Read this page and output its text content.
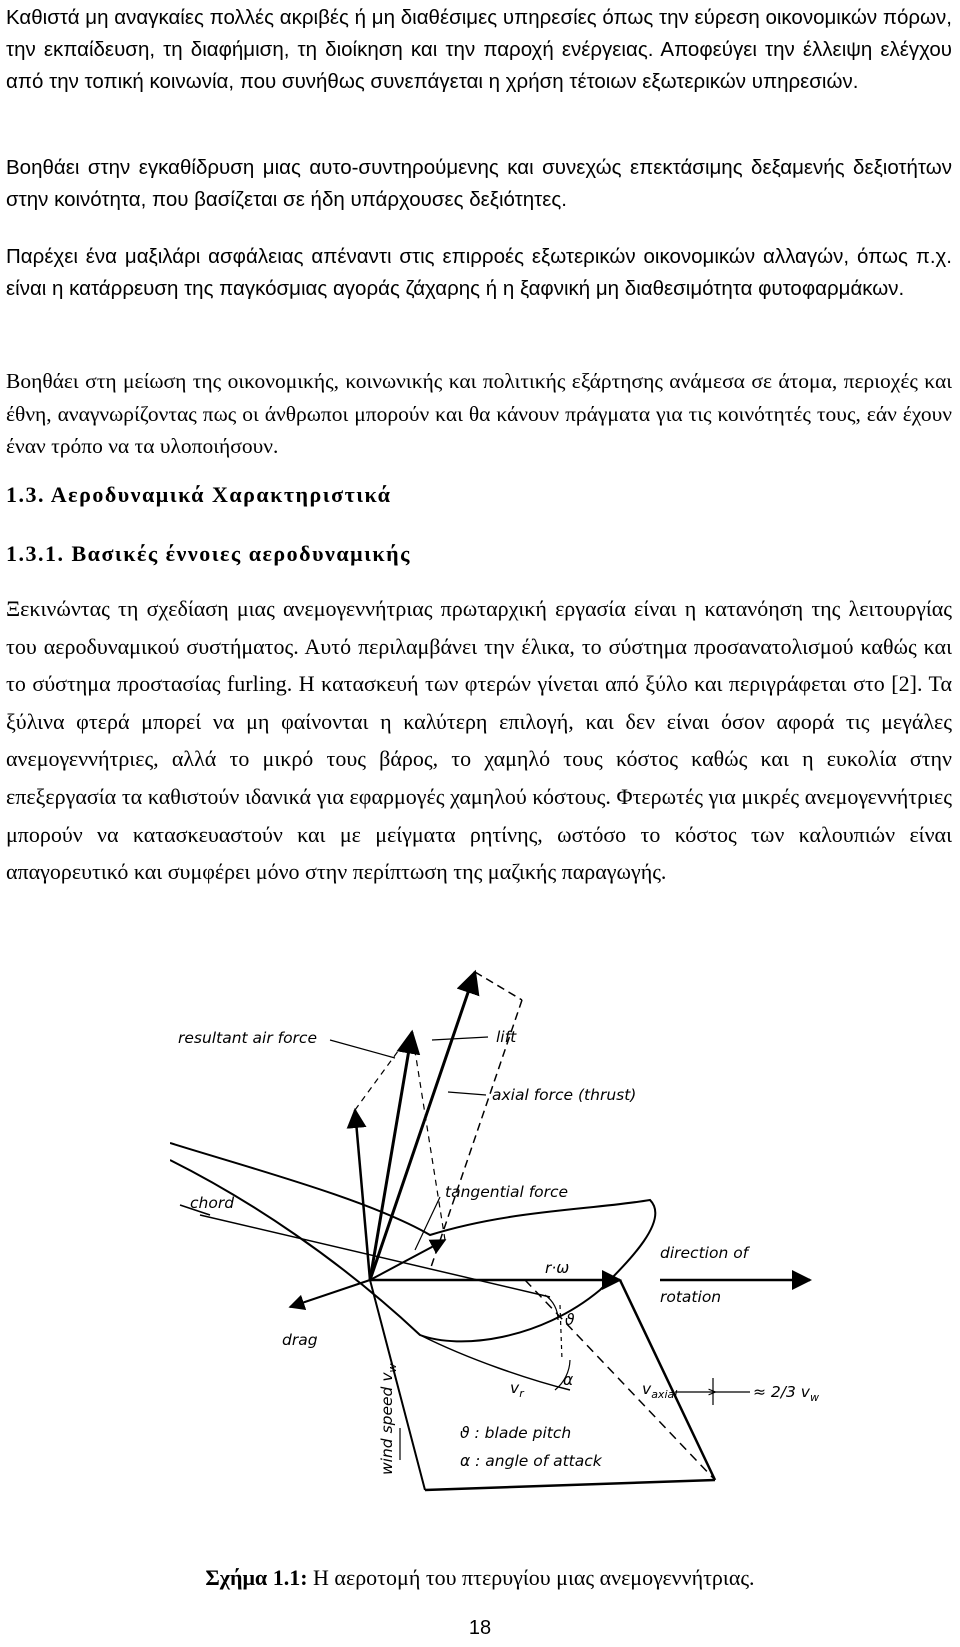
Καθιστά μη αναγκαίες πολλές ακριβές ή μη διαθέσιμες υπηρεσίες όπως την εύρεση οικονομικών πόρων, την εκπαίδευση, τη διαφήμιση, τη διοίκηση και την παροχή ενέργειας. Αποφεύγει την έλλειψη ελέγχου από την τοπική κοινωνία, που συνήθως συνεπάγεται η χρήση τέτοιων εξωτερικών υπηρεσιών.

Βοηθάει στην εγκαθίδρυση μιας αυτο-συντηρούμενης και συνεχώς επεκτάσιμης δεξαμενής δεξιοτήτων στην κοινότητα, που βασίζεται σε ήδη υπάρχουσες δεξιότητες.

Παρέχει ένα μαξιλάρι ασφάλειας απέναντι στις επιρροές εξωτερικών οικονομικών αλλαγών, όπως π.χ. είναι η κατάρρευση της παγκόσμιας αγοράς ζάχαρης ή η ξαφνική μη διαθεσιμότητα φυτοφαρμάκων.

Βοηθάει στη μείωση της οικονομικής, κοινωνικής και πολιτικής εξάρτησης ανάμεσα σε άτομα, περιοχές και έθνη, αναγνωρίζοντας πως οι άνθρωποι μπορούν και θα κάνουν πράγματα για τις κοινότητές τους, εάν έχουν έναν τρόπο να τα υλοποιήσουν.

1.3. Αεροδυναμικά Χαρακτηριστικά
1.3.1. Βασικές έννοιες αεροδυναμικής

Ξεκινώντας τη σχεδίαση μιας ανεμογεννήτριας πρωταρχική εργασία είναι η κατανόηση της λειτουργίας του αεροδυναμικού συστήματος. Αυτό περιλαμβάνει την έλικα, το σύστημα προσανατολισμού καθώς και το σύστημα προστασίας furling. Η κατασκευή των φτερών γίνεται από ξύλο και περιγράφεται στο [2]. Τα ξύλινα φτερά μπορεί να μη φαίνονται η καλύτερη επιλογή, και δεν είναι όσον αφορά τις μεγάλες ανεμογεννήτριες, αλλά το μικρό τους βάρος, το χαμηλό τους κόστος καθώς και η ευκολία στην επεξεργασία τα καθιστούν ιδανικά για εφαρμογές χαμηλού κόστους. Φτερωτές για μικρές ανεμογεννήτριες μπορούν να κατασκευαστούν και με μείγματα ρητίνης, ωστόσο το κόστος των καλουπιών είναι απαγορευτικό και συμφέρει μόνο στην περίπτωση της μαζικής παραγωγής.

direction of
rotation
resultant air force	lift
axial force (thrust)
tangential force
chord
r·ω
ϑ
α
drag
$v_r$	$v_{axial}$	≈ 2/3 $v_w$
wind speed $v_w$
ϑ : blade pitch
α : angle of attack

Σχήμα 1.1: Η αεροτομή του πτερυγίου μιας ανεμογεννήτριας.

18
